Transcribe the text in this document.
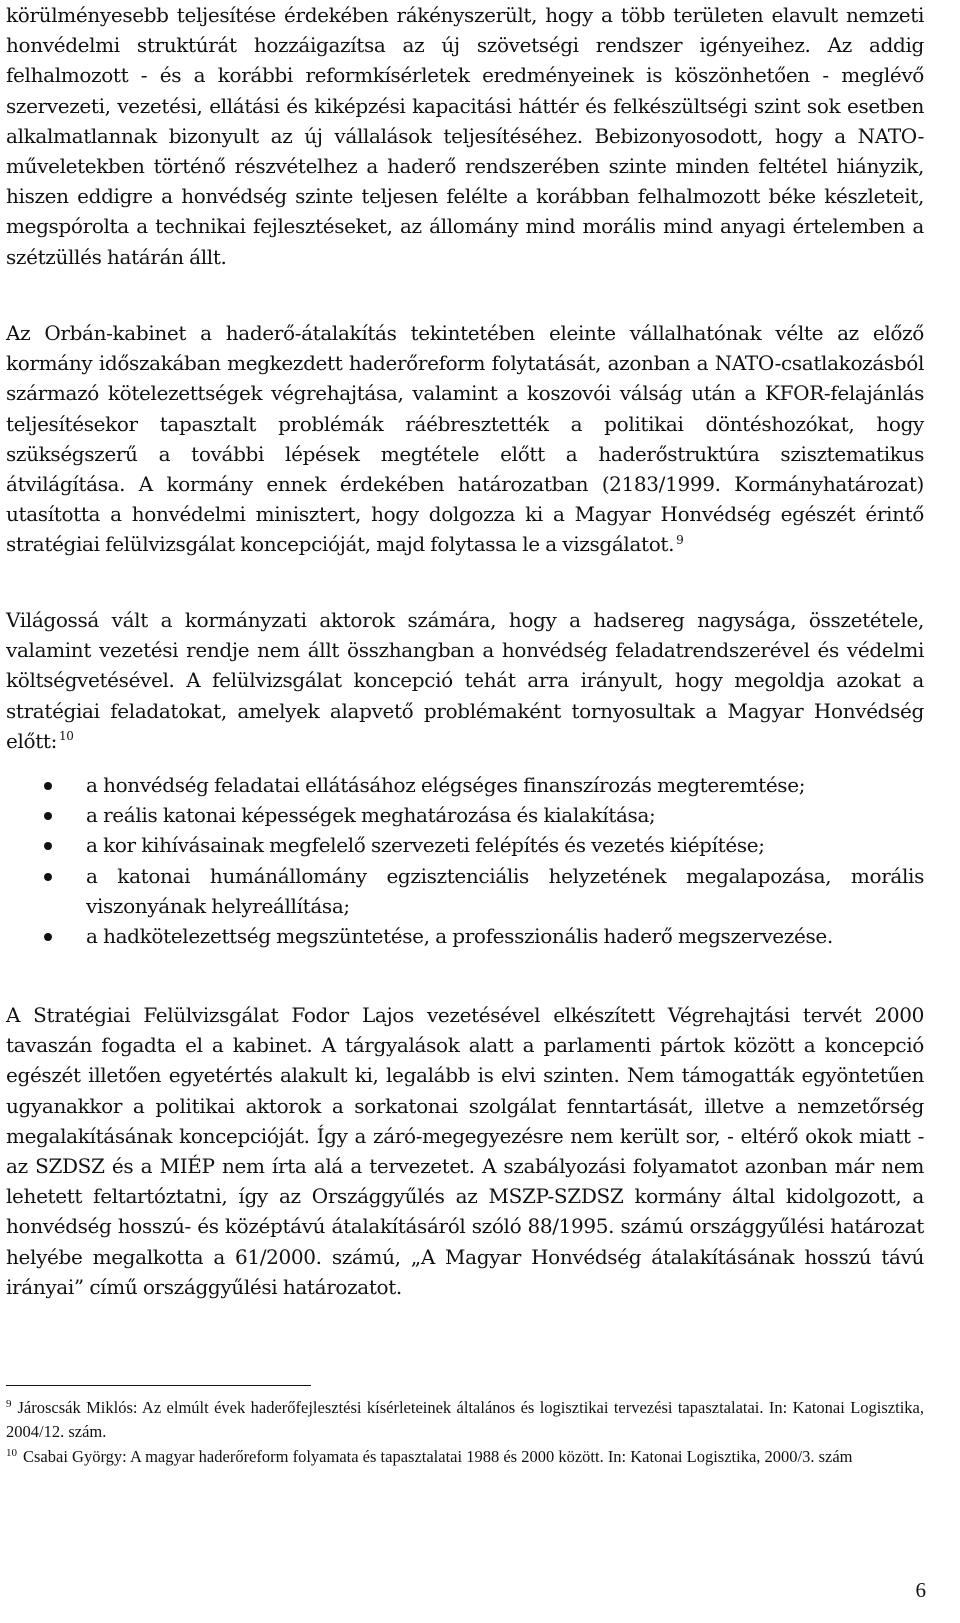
körülményesebb teljesítése érdekében rákényszerült, hogy a több területen elavult nemzeti honvédelmi struktúrát hozzáigazítsa az új szövetségi rendszer igényeihez. Az addig felhalmozott - és a korábbi reformkísérletek eredményeinek is köszönhetően - meglévő szervezeti, vezetési, ellátási és kiképzési kapacitási háttér és felkészültségi szint sok esetben alkalmatlannak bizonyult az új vállalások teljesítéséhez. Bebizonyosodott, hogy a NATO-műveletekben történő részvételhez a haderő rendszerében szinte minden feltétel hiányzik, hiszen eddigre a honvédség szinte teljesen felélte a korábban felhalmozott béke készleteit, megspórolta a technikai fejlesztéseket, az állomány mind morális mind anyagi értelemben a szétzüllés határán állt.

Az Orbán-kabinet a haderő-átalakítás tekintetében eleinte vállalhatónak vélte az előző kormány időszakában megkezdett haderőreform folytatását, azonban a NATO-csatlakozásból származó kötelezettségek végrehajtása, valamint a koszovói válság után a KFOR-felajánlás teljesítésekor tapasztalt problémák ráébresztették a politikai döntéshozókat, hogy szükségszerű a további lépések megtétele előtt a haderőstruktúra szisztematikus átvilágítása. A kormány ennek érdekében határozatban (2183/1999. Kormányhatározat) utasította a honvédelmi minisztert, hogy dolgozza ki a Magyar Honvédség egészét érintő stratégiai felülvizsgálat koncepcióját, majd folytassa le a vizsgálatot. $^9$

Világossá vált a kormányzati aktorok számára, hogy a hadsereg nagysága, összetétele, valamint vezetési rendje nem állt összhangban a honvédség feladatrendszerével és védelmi költségvetésével. A felülvizsgálat koncepció tehát arra irányult, hogy megoldja azokat a stratégiai feladatokat, amelyek alapvető problémaként tornyosultak a Magyar Honvédség előtt: $^{10}$

a honvédség feladatai ellátásához elégséges finanszírozás megteremtése;
a reális katonai képességek meghatározása és kialakítása;
a kor kihívásainak megfelelő szervezeti felépítés és vezetés kiépítése;
a katonai humánállomány egzisztenciális helyzetének megalapozása, morális viszonyának helyreállítása;
a hadkötelezettség megszüntetése, a professzionális haderő megszervezése.

A Stratégiai Felülvizsgálat Fodor Lajos vezetésével elkészített Végrehajtási tervét 2000 tavaszán fogadta el a kabinet. A tárgyalások alatt a parlamenti pártok között a koncepció egészét illetően egyetértés alakult ki, legalább is elvi szinten. Nem támogatták egyöntetűen ugyanakkor a politikai aktorok a sorkatonai szolgálat fenntartását, illetve a nemzetőrség megalakításának koncepcióját. Így a záró-megegyezésre nem került sor, - eltérő okok miatt - az SZDSZ és a MIÉP nem írta alá a tervezetet. A szabályozási folyamatot azonban már nem lehetett feltartóztatni, így az Országgyűlés az MSZP-SZDSZ kormány által kidolgozott, a honvédség hosszú- és középtávú átalakításáról szóló 88/1995. számú országgyűlési határozat helyébe megalkotta a 61/2000. számú, „A Magyar Honvédség átalakításának hosszú távú irányai” című országgyűlési határozatot.

$^9$ Jároscsák Miklós: Az elmúlt évek haderőfejlesztési kísérleteinek általános és logisztikai tervezési tapasztalatai. In: Katonai Logisztika, 2004/12. szám.

$^{10}$ Csabai György: A magyar haderőreform folyamata és tapasztalatai 1988 és 2000 között. In: Katonai Logisztika, 2000/3. szám

6
